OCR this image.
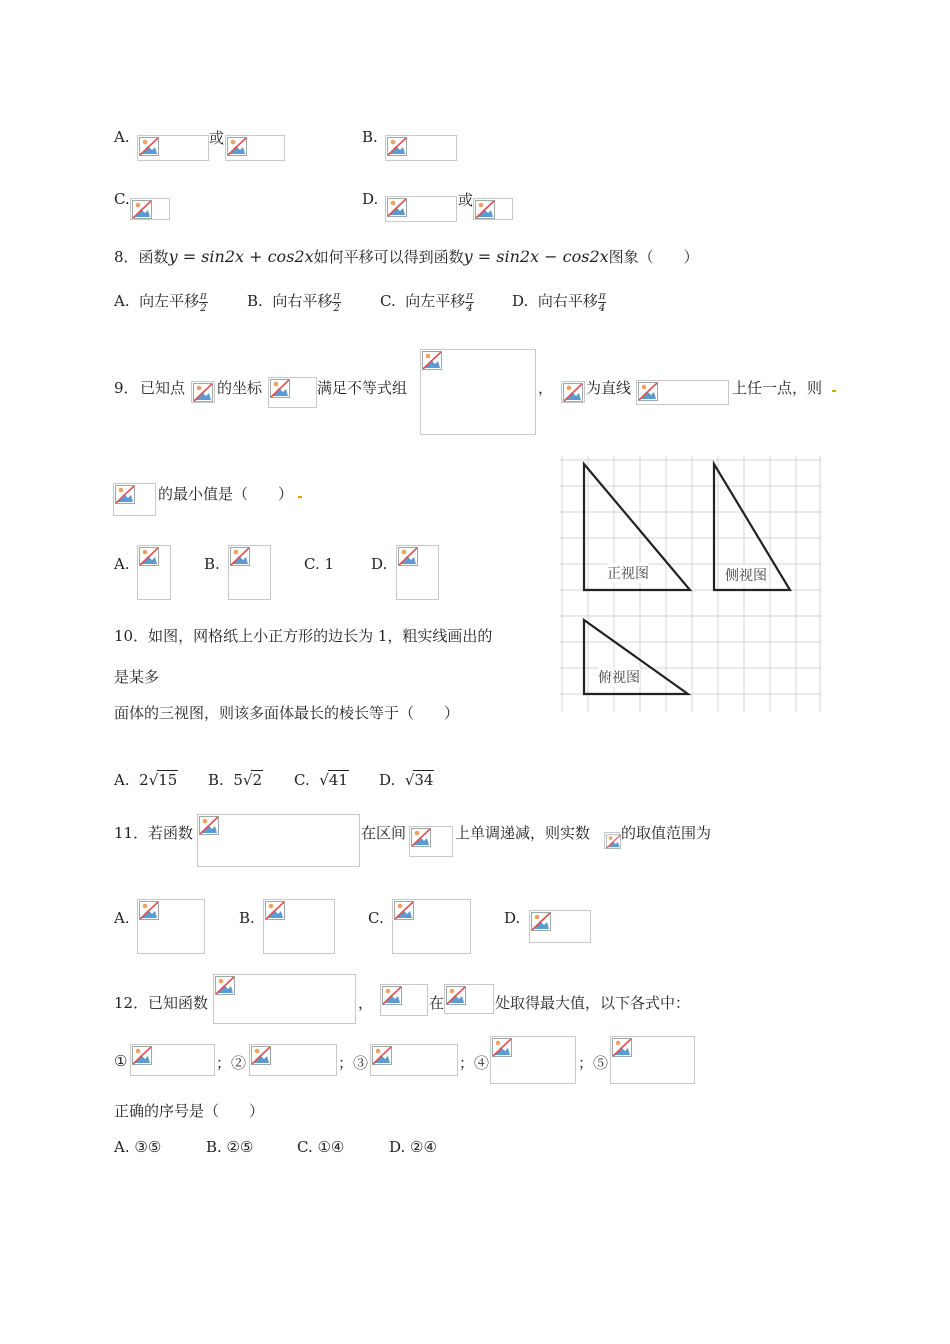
A.	或	B.
C.	D.	或
8．函数y = sin2x + cos2x如何平移可以得到函数y = sin2x − cos2x图象（　　）
A. 向左平移 $\frac{\pi}{2}$	B. 向右平移 $\frac{\pi}{2}$	C. 向左平移 $\frac{\pi}{4}$	D. 向右平移 $\frac{\pi}{4}$
9． 已知点 的坐标	满足不等式组	， 为直线	上任一点，则
的最小值是（　　）
A.	B.	C. 1 D.
正视图	侧视图
俯视图
10．如图，网格纸上小正方形的边长为 1，粗实线画出的
是某多
面体的三视图，则该多面体最长的棱长等于（　　）
A. 2√15 B. 5√2 C. √41 D. √34
11． 若函数	在区间	上单调递减，则实数 的取值范围为
A.	B.	C.	D.
12． 已知函数	，	在	处取得最大值，以下各式中：
①	；②	；③	；④	；⑤
正确的序号是（　　）
A. ③⑤	B. ②⑤	C. ①④	D. ②④
